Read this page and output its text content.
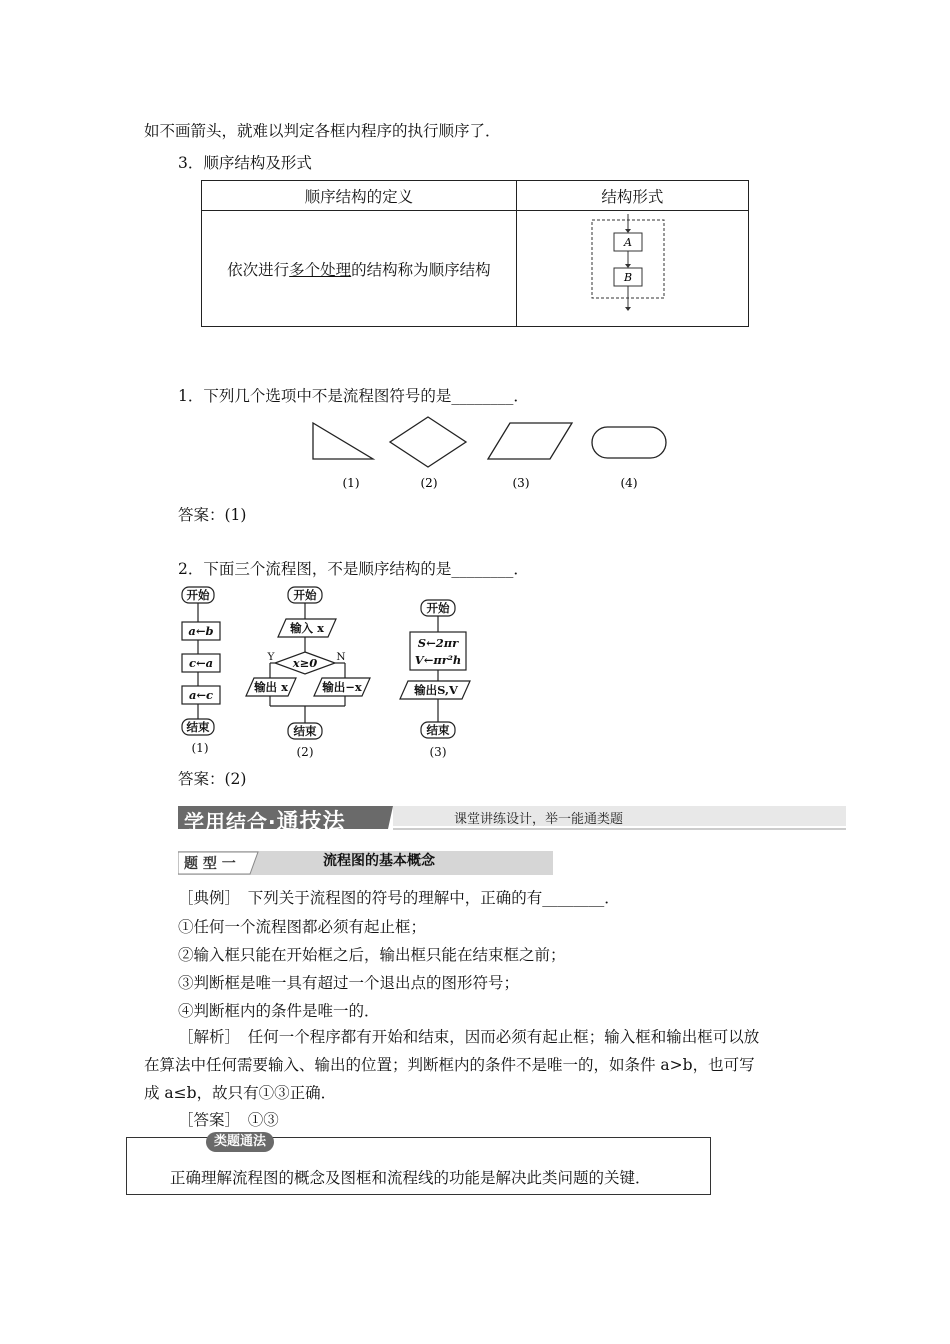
如不画箭头，就难以判定各框内程序的执行顺序了．
3．顺序结构及形式
顺序结构的定义	结构形式
依次进行多个处理的结构称为顺序结构	A
B
1．下列几个选项中不是流程图符号的是________．
(1)	(2)	(3)	(4)
答案：(1)
2．下面三个流程图，不是顺序结构的是________．
开始
a←b
c←a
a←c
结束
开始
输入 x
x≥0
Y	N
输出 x	输出−x
结束
开始
S←2πr
V←πr²h
输出S,V
结束
(1)	(2)	(3)
答案：(2)
学用结合·通技法	课堂讲练设计，举一能通类题
题 型 一	流程图的基本概念
［典例］　下列关于流程图的符号的理解中，正确的有________．
①任何一个流程图都必须有起止框；
②输入框只能在开始框之后，输出框只能在结束框之前；
③判断框是唯一具有超过一个退出点的图形符号；
④判断框内的条件是唯一的．
［解析］　任何一个程序都有开始和结束，因而必须有起止框；输入框和输出框可以放
在算法中任何需要输入、输出的位置；判断框内的条件不是唯一的，如条件 a>b，也可写
成 a≤b，故只有①③正确．
［答案］　①③
类题通法
正确理解流程图的概念及图框和流程线的功能是解决此类问题的关键．
